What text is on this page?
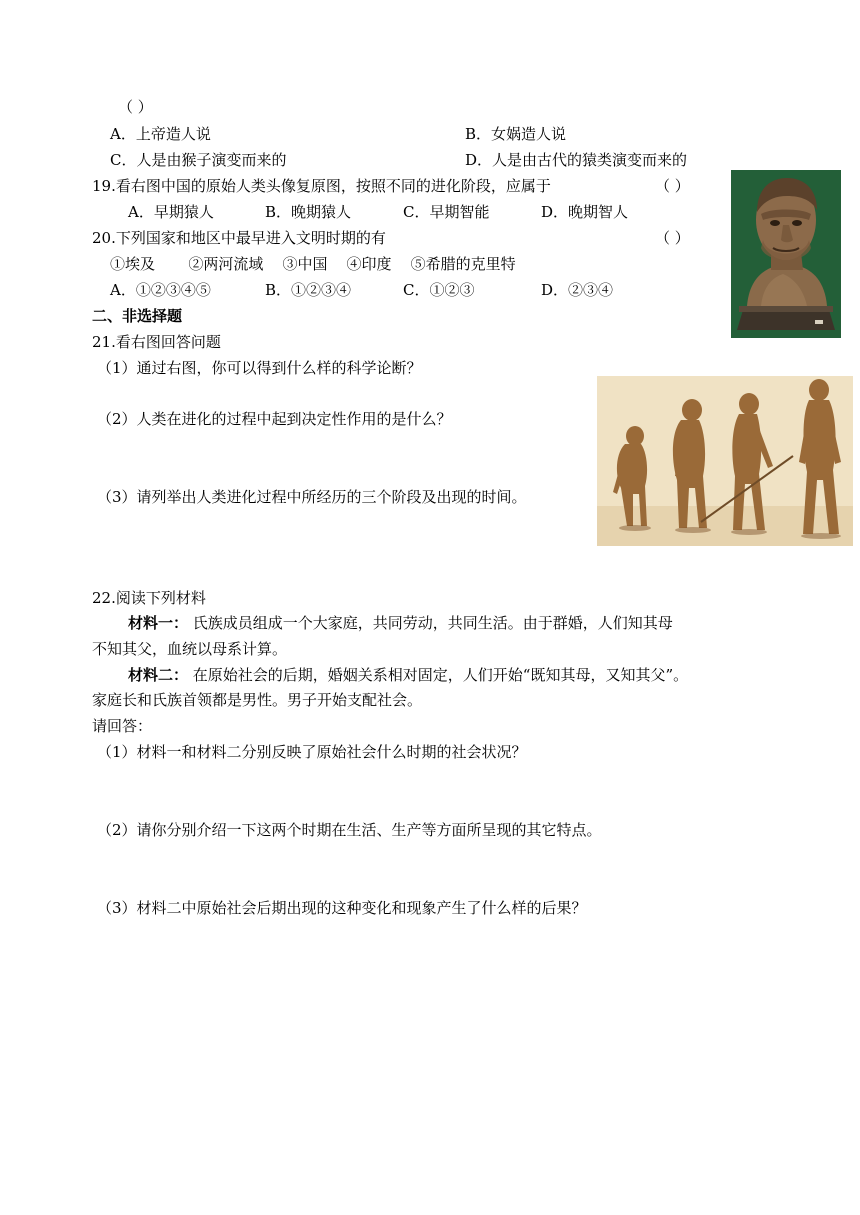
（ ）
A．上帝造人说	B．女娲造人说
C．人是由猴子演变而来的	D．人是由古代的猿类演变而来的
19.看右图中国的原始人类头像复原图，按照不同的进化阶段，应属于	（ ）
A．早期猿人	B．晚期猿人	C．早期智能	D．晚期智人
20.下列国家和地区中最早进入文明时期的有	（ ）
①埃及       ②两河流域    ③中国    ④印度    ⑤希腊的克里特
A．①②③④⑤	B．①②③④	C．①②③	D．②③④
二、非选择题
21.看右图回答问题
（1）通过右图，你可以得到什么样的科学论断？
（2）人类在进化的过程中起到决定性作用的是什么？
（3）请列举出人类进化过程中所经历的三个阶段及出现的时间。
22.阅读下列材料
材料一： 氏族成员组成一个大家庭，共同劳动，共同生活。由于群婚，人们知其母
不知其父，血统以母系计算。
材料二： 在原始社会的后期，婚姻关系相对固定，人们开始“既知其母，又知其父”。
家庭长和氏族首领都是男性。男子开始支配社会。
请回答：
（1）材料一和材料二分别反映了原始社会什么时期的社会状况？
（2）请你分别介绍一下这两个时期在生活、生产等方面所呈现的其它特点。
（3）材料二中原始社会后期出现的这种变化和现象产生了什么样的后果？
